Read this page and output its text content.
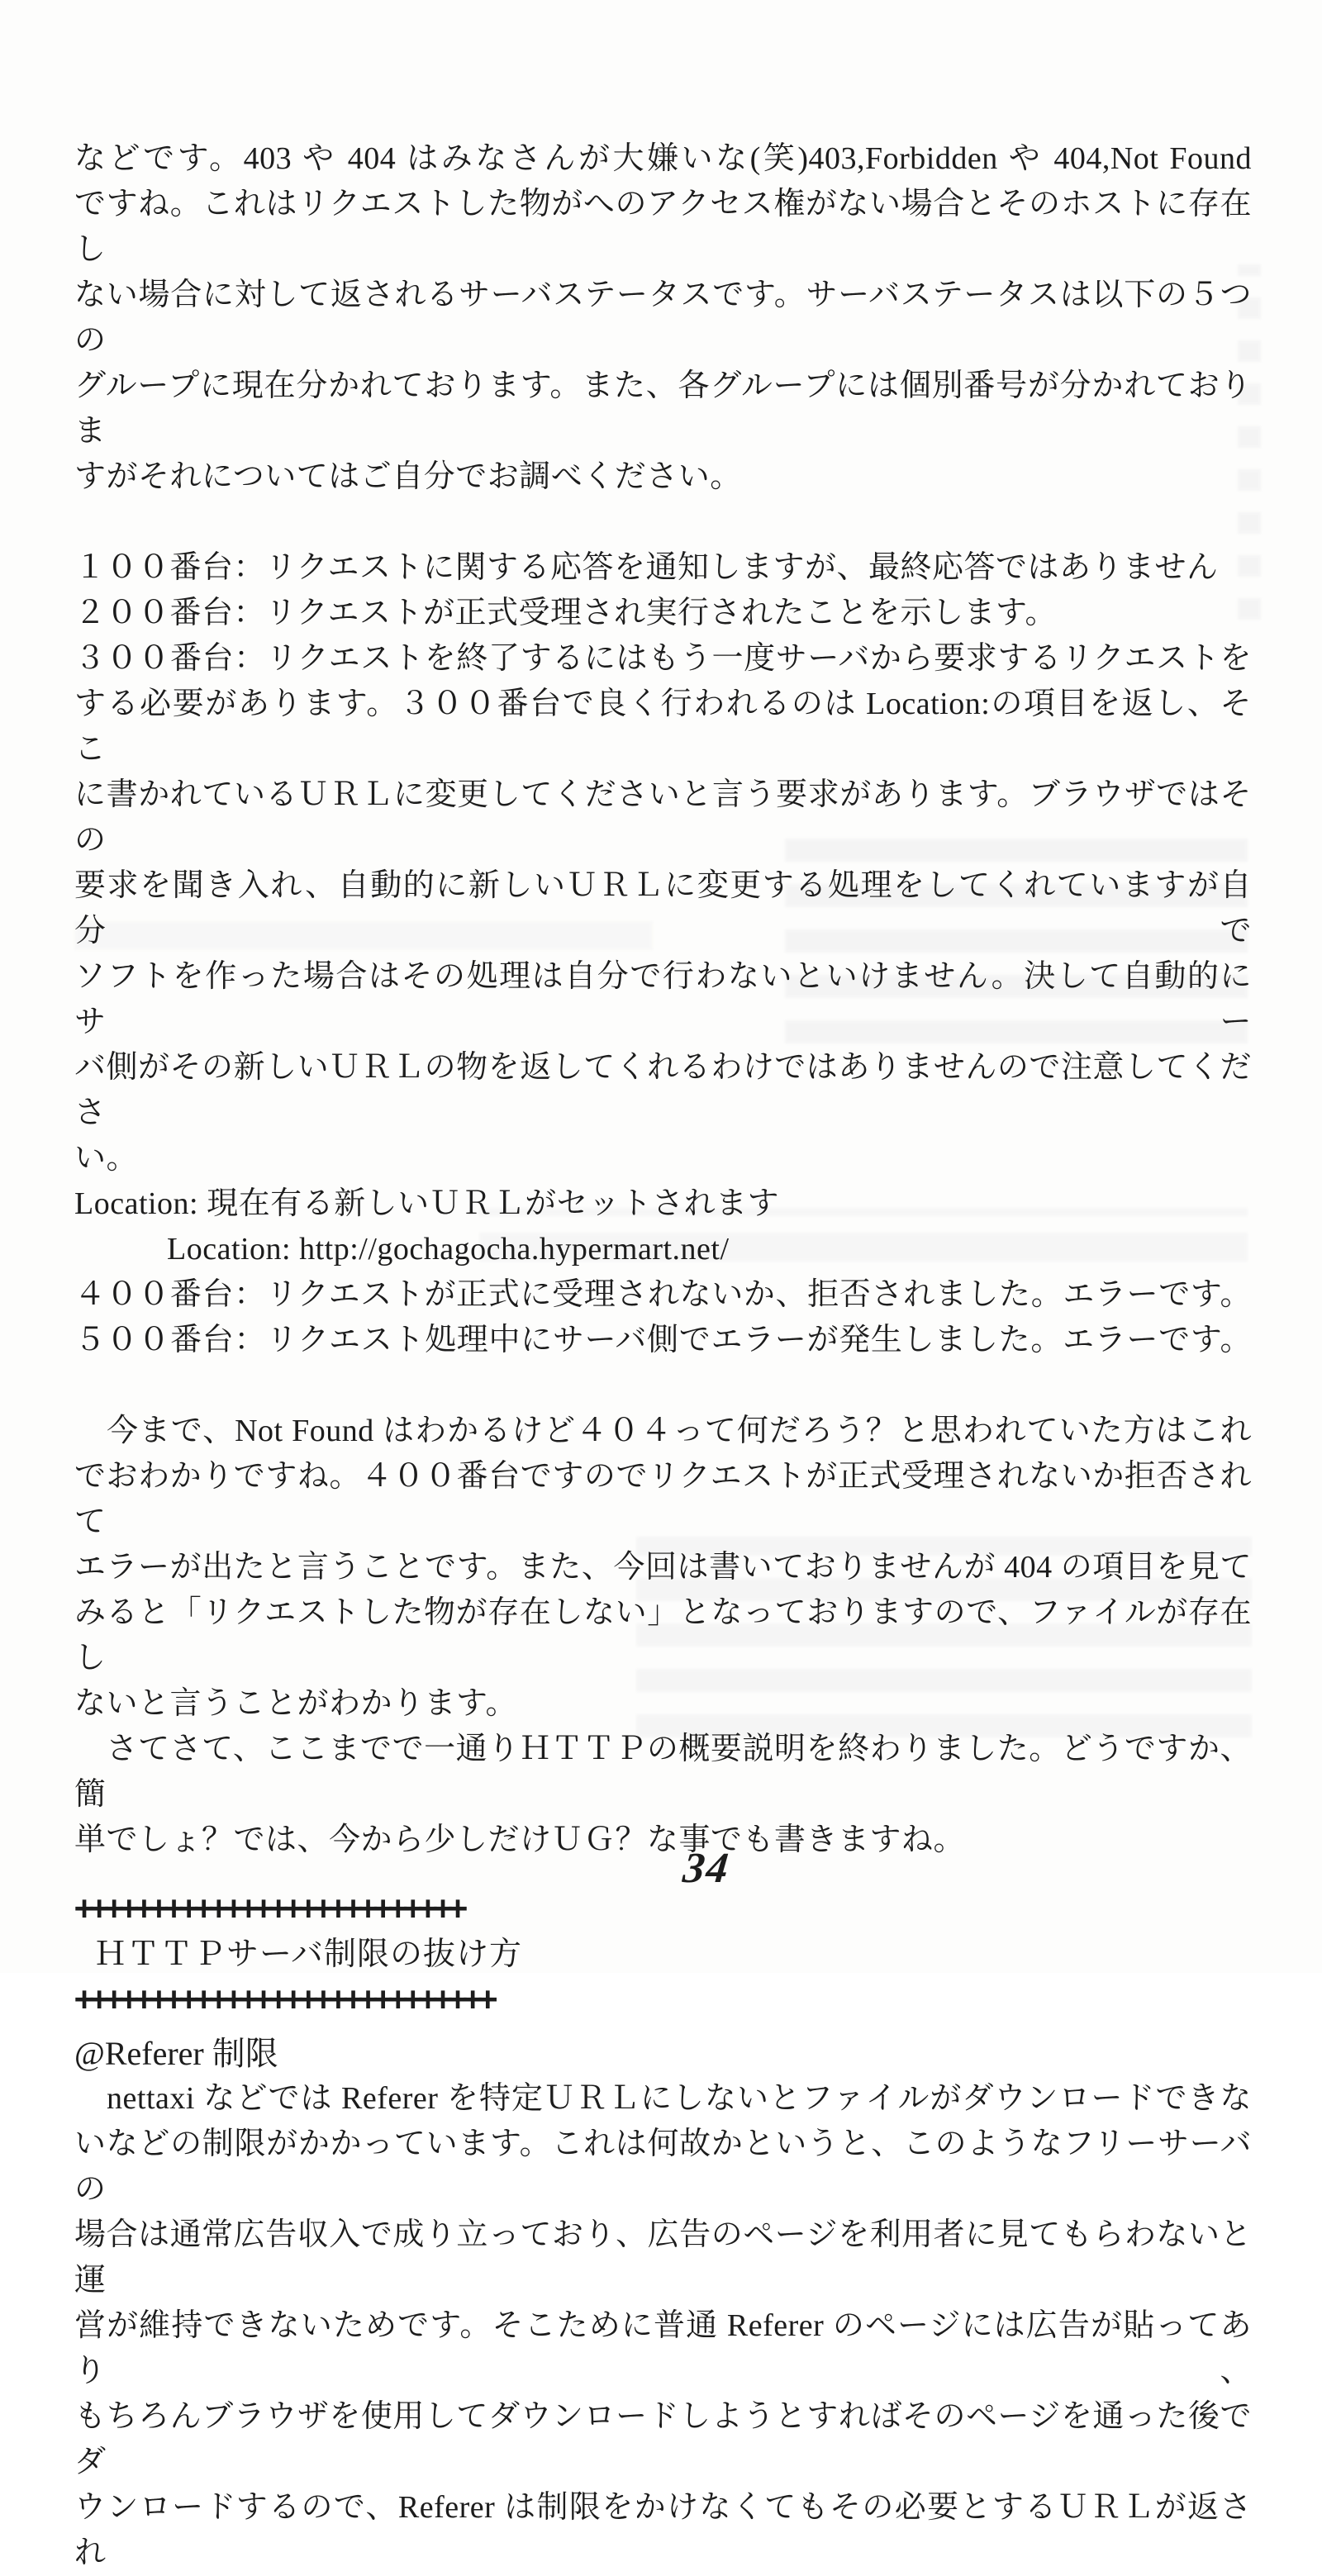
などです。403 や 404 はみなさんが大嫌いな(笑)403,Forbidden や 404,Not Found
ですね。これはリクエストした物がへのアクセス権がない場合とそのホストに存在し
ない場合に対して返されるサーバステータスです。サーバステータスは以下の５つの
グループに現在分かれております。また、各グループには個別番号が分かれておりま
すがそれについてはご自分でお調べください。
１００番台：リクエストに関する応答を通知しますが、最終応答ではありません
２００番台：リクエストが正式受理され実行されたことを示します。
３００番台：リクエストを終了するにはもう一度サーバから要求するリクエストを
する必要があります。３００番台で良く行われるのは Location:の項目を返し、そこ
に書かれているＵＲＬに変更してくださいと言う要求があります。ブラウザではその
要求を聞き入れ、自動的に新しいＵＲＬに変更する処理をしてくれていますが自分で
ソフトを作った場合はその処理は自分で行わないといけません。決して自動的にサー
バ側がその新しいＵＲＬの物を返してくれるわけではありませんので注意してくださ
い。
Location: 現在有る新しいＵＲＬがセットされます
Location: http://gochagocha.hypermart.net/
４００番台：リクエストが正式に受理されないか、拒否されました。エラーです。
５００番台：リクエスト処理中にサーバ側でエラーが発生しました。エラーです。
　今まで、Not Found はわかるけど４０４って何だろう？と思われていた方はこれ
でおわかりですね。４００番台ですのでリクエストが正式受理されないか拒否されて
エラーが出たと言うことです。また、今回は書いておりませんが 404 の項目を見て
みると「リクエストした物が存在しない」となっておりますので、ファイルが存在し
ないと言うことがわかります。
　さてさて、ここまでで一通りＨＴＴＰの概要説明を終わりました。どうですか、簡
単でしょ？では、今から少しだけＵＧ？な事でも書きますね。
++++++++++++++++++++++++++
ＨＴＴＰサーバ制限の抜け方
++++++++++++++++++++++++++++
@Referer 制限
　nettaxi などでは Referer を特定ＵＲＬにしないとファイルがダウンロードできな
いなどの制限がかかっています。これは何故かというと、このようなフリーサーバの
場合は通常広告収入で成り立っており、広告のページを利用者に見てもらわないと運
営が維持できないためです。そこために普通 Referer のページには広告が貼ってあり、
もちろんブラウザを使用してダウンロードしようとすればそのページを通った後でダ
ウンロードするので、Referer は制限をかけなくてもその必要とするＵＲＬが返され
34
